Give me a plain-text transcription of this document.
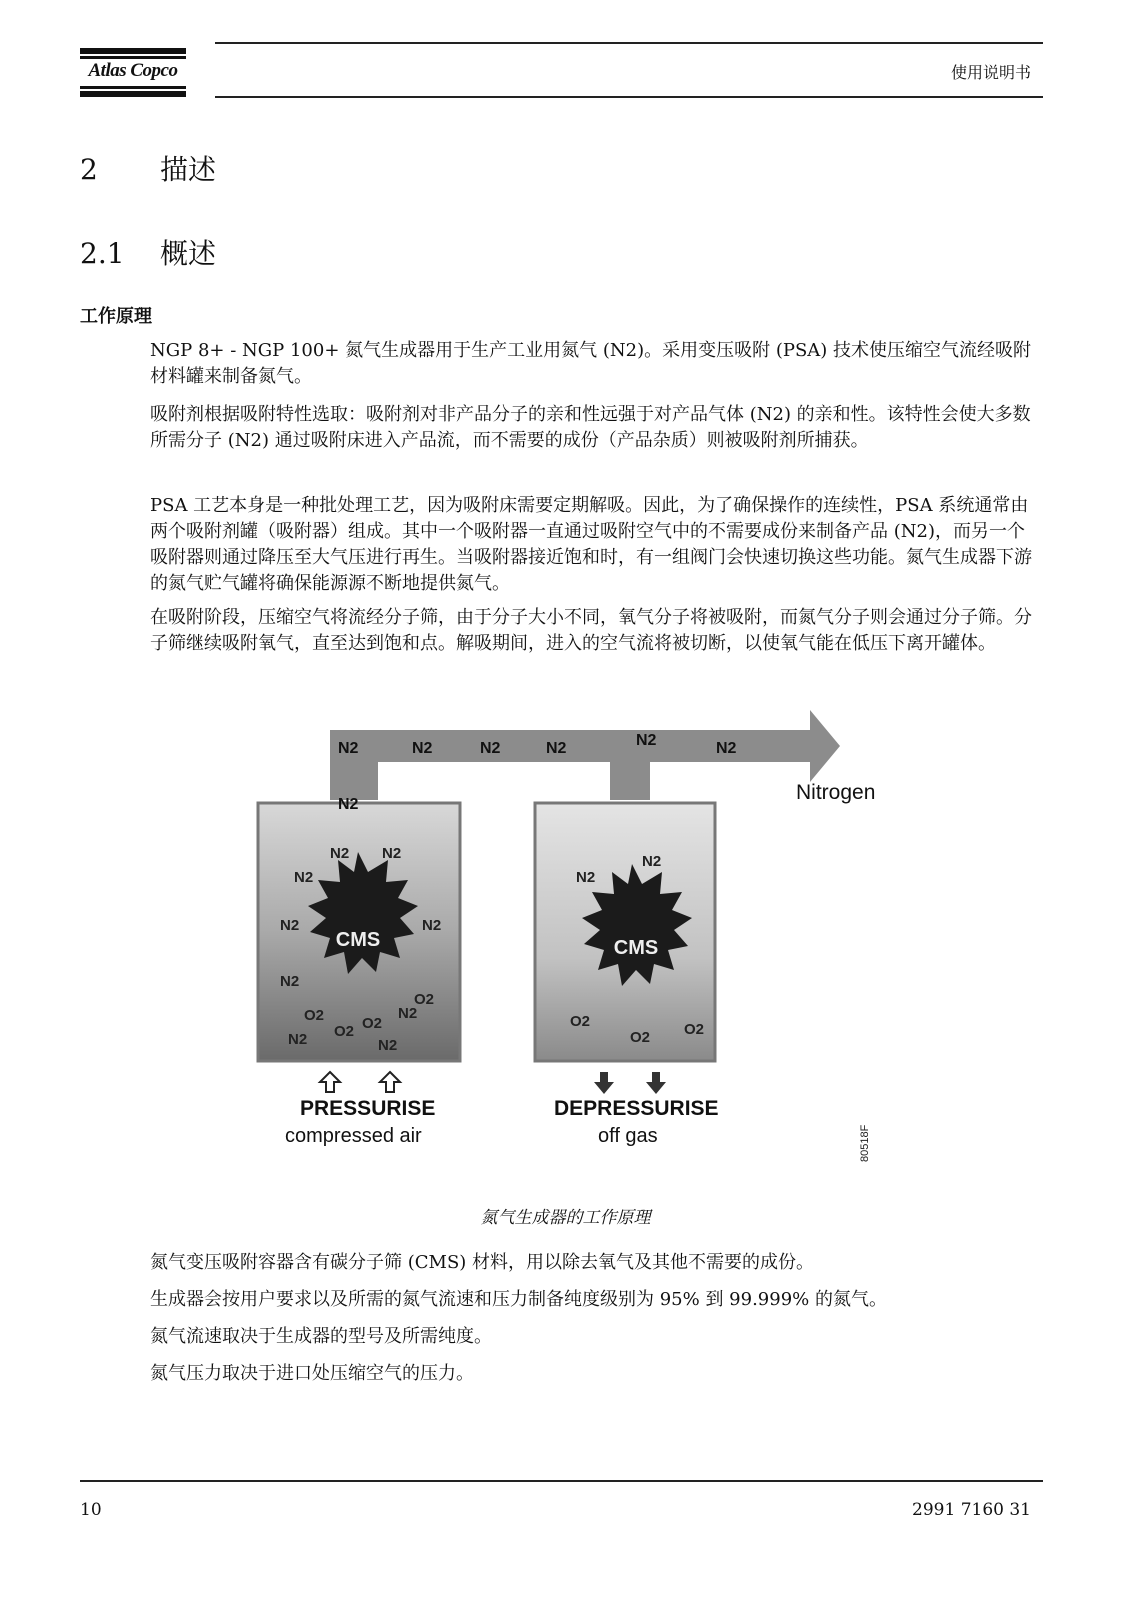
Atlas Copco	使用说明书
2 描述
2.1 概述
工作原理

NGP 8+ - NGP 100+ 氮气生成器用于生产工业用氮气 (N2)。采用变压吸附 (PSA) 技术使压缩空气流经吸附材料罐来制备氮气。

吸附剂根据吸附特性选取：吸附剂对非产品分子的亲和性远强于对产品气体 (N2) 的亲和性。该特性会使大多数所需分子 (N2) 通过吸附床进入产品流，而不需要的成份（产品杂质）则被吸附剂所捕获。

PSA 工艺本身是一种批处理工艺，因为吸附床需要定期解吸。因此，为了确保操作的连续性，PSA 系统通常由两个吸附剂罐（吸附器）组成。其中一个吸附器一直通过吸附空气中的不需要成份来制备产品 (N2)，而另一个吸附器则通过降压至大气压进行再生。当吸附器接近饱和时，有一组阀门会快速切换这些功能。氮气生成器下游的氮气贮气罐将确保能源源不断地提供氮气。

在吸附阶段，压缩空气将流经分子筛，由于分子大小不同，氧气分子将被吸附，而氮气分子则会通过分子筛。分子筛继续吸附氧气，直至达到饱和点。解吸期间，进入的空气流将被切断，以使氧气能在低压下离开罐体。

CMS	CMS
N2	N2	N2	N2	N2	N2
N2
Nitrogen
N2 N2
N2
N2	N2
N2
N2
N2
O2
O2	O2
O2
N2
N2
N2
O2
O2 O2
PRESSURISE
compressed air
DEPRESSURISE
off gas	80518F
氮气生成器的工作原理

氮气变压吸附容器含有碳分子筛 (CMS) 材料，用以除去氧气及其他不需要的成份。

生成器会按用户要求以及所需的氮气流速和压力制备纯度级别为 95% 到 99.999% 的氮气。

氮气流速取决于生成器的型号及所需纯度。

氮气压力取决于进口处压缩空气的压力。

10	2991 7160 31
